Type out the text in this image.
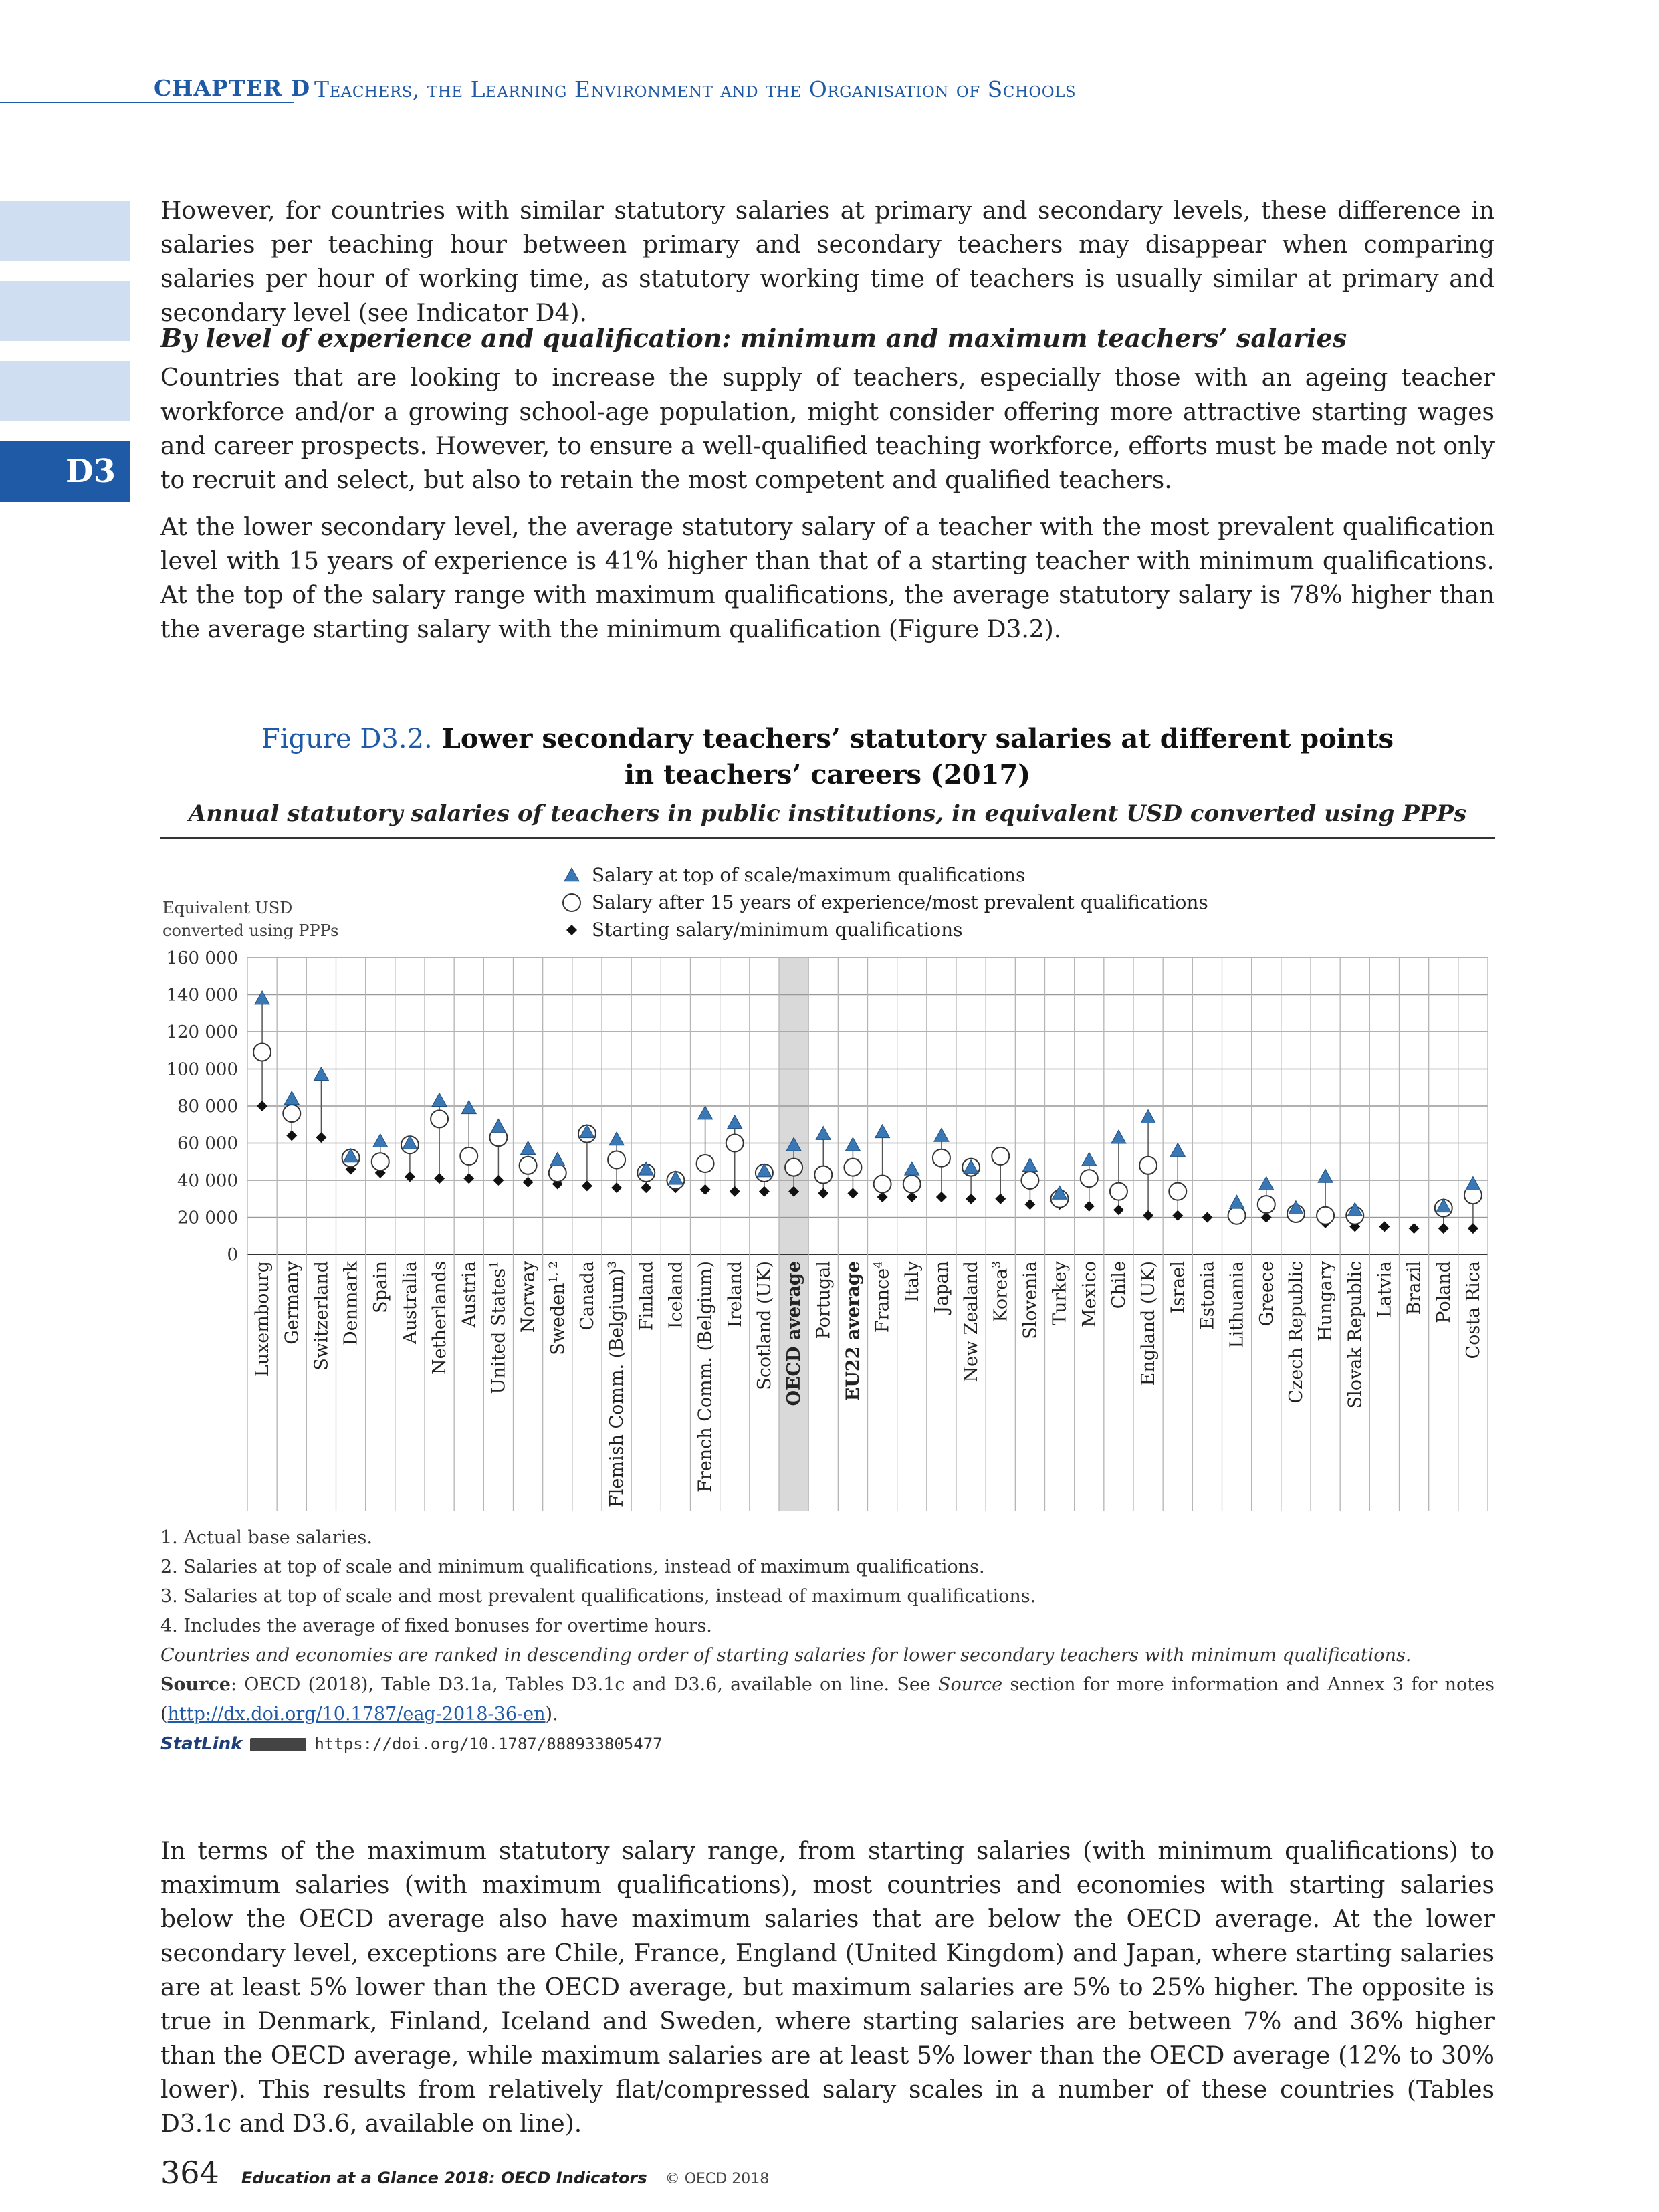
CHAPTER D Teachers, the Learning Environment and the Organisation of Schools
D3
However, for countries with similar statutory salaries at primary and secondary levels, these difference in salaries per teaching hour between primary and secondary teachers may disappear when comparing salaries per hour of working time, as statutory working time of teachers is usually similar at primary and secondary level (see Indicator D4).
By level of experience and qualification: minimum and maximum teachers’ salaries
Countries that are looking to increase the supply of teachers, especially those with an ageing teacher workforce and/or a growing school-age population, might consider offering more attractive starting wages and career prospects. However, to ensure a well-qualified teaching workforce, efforts must be made not only to recruit and select, but also to retain the most competent and qualified teachers.
At the lower secondary level, the average statutory salary of a teacher with the most prevalent qualification level with 15 years of experience is 41% higher than that of a starting teacher with minimum qualifications. At the top of the salary range with maximum qualifications, the average statutory salary is 78% higher than the average starting salary with the minimum qualification (Figure D3.2).
Figure D3.2. Lower secondary teachers’ statutory salaries at different points
in teachers’ careers (2017)
Annual statutory salaries of teachers in public institutions, in equivalent USD converted using PPPs
Salary at top of scale/maximum qualifications
Salary after 15 years of experience/most prevalent qualifications
Starting salary/minimum qualifications
0
20 000
40 000
60 000
80 000
100 000
120 000
140 000
160 000
Equivalent USD
converted using PPPs
Luxembourg Germany Switzerland Denmark Spain Australia Netherlands Austria United States$^1$ Norway Sweden$^{1, 2}$ Canada Flemish Comm. (Belgium)$^3$ Finland Iceland French Comm. (Belgium) Ireland Scotland (UK) OECD average Portugal EU22 average France$^4$ Italy Japan New Zealand Korea$^3$ Slovenia Turkey Mexico Chile England (UK) Israel Estonia Lithuania Greece Czech Republic Hungary Slovak Republic Latvia Brazil Poland Costa Rica
1. Actual base salaries.
2. Salaries at top of scale and minimum qualifications, instead of maximum qualifications.
3. Salaries at top of scale and most prevalent qualifications, instead of maximum qualifications.
4. Includes the average of fixed bonuses for overtime hours.
Countries and economies are ranked in descending order of starting salaries for lower secondary teachers with minimum qualifications.
Source: OECD (2018), Table D3.1a, Tables D3.1c and D3.6, available on line. See Source section for more information and Annex 3 for notes (http://dx.doi.org/10.1787/eag-2018-36-en).
StatLink	https://doi.org/10.1787/888933805477
In terms of the maximum statutory salary range, from starting salaries (with minimum qualifications) to maximum salaries (with maximum qualifications), most countries and economies with starting salaries below the OECD average also have maximum salaries that are below the OECD average. At the lower secondary level, exceptions are Chile, France, England (United Kingdom) and Japan, where starting salaries are at least 5% lower than the OECD average, but maximum salaries are 5% to 25% higher. The opposite is true in Denmark, Finland, Iceland and Sweden, where starting salaries are between 7% and 36% higher than the OECD average, while maximum salaries are at least 5% lower than the OECD average (12% to 30% lower). This results from relatively flat/compressed salary scales in a number of these countries (Tables D3.1c and D3.6, available on line).
364 Education at a Glance 2018: OECD Indicators © OECD 2018
